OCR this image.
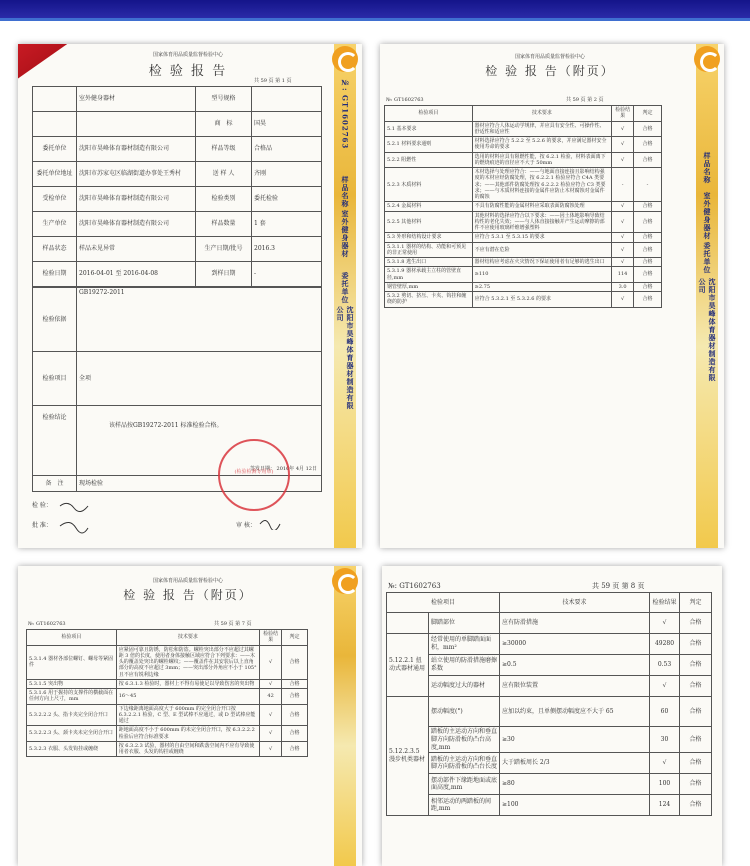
№: GT1602763
样品名称
室外健身器材
委托单位
沈阳市昊峰体育器材制造有限公司
国家体育用品质量监督检验中心
检 验 报 告
共 59 页 第 1 页
	室外健身器材	型号规格	
		商　标	国昊
委托单位	沈阳市昊峰体育器材制造有限公司	样品等级	合格品
委托单位地址	沈阳市苏家屯区临湖街道办事处王秀村	送 样 人	齐刚
受检单位	沈阳市昊峰体育器材制造有限公司	检验类别	委托检验
生产单位	沈阳市昊峰体育器材制造有限公司	样品数量	1 套
样品状态	样品未见异常	生产日期/批号	2016.3
检验日期	2016-04-01 至 2016-04-08	到样日期	-
检验依据	GB19272-2011
检验项目	全项
检验结论	该样品按GB19272-2011 标准检验合格。
签发日期： 2016年 4月 12日

备　注	现场检验
(检验检测专用章)
检 验：
批 准：	审 核：
样品名称
室外健身器材
委托单位
沈阳市昊峰体育器材制造有限公司
国家体育用品质量监督检验中心
检 验 报 告（附页）
№: GT1602763	共 59 页 第 2 页
检验项目	技术要求	检验结果	判定
5.1 基本要求	器材应符合人体运动学规律，并应具有安全性、可操作性、舒适性和适应性	√	合格
5.2.1 材料要求通则	材料选择应符合 5.2.2 至 5.2.6 的要求，并应满足器材安全使用寿命的要求	√	合格
5.2.2 阻燃性	选用的材料应具有阻燃性能，按 6.2.1 检验，材料表面离下的燃烧痕迹的直径应不大于 50mm	√	合格
5.2.3 木质材料	木材选择与处理应符合：——与地面直接连接且影响结构强度的木材应经防腐处理，按 6.2.2.1 检验应符合 C4A 类要求；——其他部件防腐处理按 6.2.2.2 检验应符合 C3 类要求；——与木质材料连接的金属件应防止木材腐蚀对金属件的腐蚀	-	-
5.2.4 金属材料	不具有防腐性能的金属材料应采取表面防腐蚀处理	√	合格
5.2.5 其他材料	其他材料的选择应符合以下要求：——因土体地影响导致结构性的老化失效；——与人体直接接触并产生运动摩擦的部件不应使用玻璃纤维增强塑料	√	合格
5.3 外形和结构设计要求	应符合 5.3.1 至 5.3.15 的要求	√	合格
5.3.1.1 器材的结构、功能和可预见的非正常使用	不应有潜在危险	√	合格
5.3.1.8 逃生出口	器材结构应考虑在火灾情况下保证使用者有足够的逃生出口	√	合格
5.3.1.9 器材承载主立柱的管壁直径,mm	≥110	114	合格
钢管壁厚,mm	≥2.75	3.0	合格
5.3.2 剪切、挤压、卡夹、钩挂和缠绕的防护	应符合 5.3.2.1 至 5.3.2.6 的要求	√	合格
国家体育用品质量监督检验中心
检 验 报 告（附页）
№: GT1602763	共 59 页 第 7 页
检验项目	技术要求	检验结果	判定
5.3.1.4 器材各部位螺钉、螺母等紧固件	应紧固可靠且防锈，防松和防盗。螺栓突出部分不应超过其螺距 3 倍的长度，使用者身体接触区域应符合下列要求：——木头的覆盖处突出的螺栓螺纹；——覆盖件在其安装后以上直角部分的高度不应超过 3mm；——突出部分外角应不小于 105°且不应有锐利边缘	√	合格
5.3.1.5 突出物	按 6.3.1.3 检验时，器材上不得有易使足以导致伤害的突出物	√	合格
5.3.1.6 用于握持的支撑件的横截面在任何方向上尺寸，mm	16～45	42	合格
5.3.2.2.2 头、指卡夹完全闭合开口	下边缘距离地面高度大于 600mm 的完全闭合开口按 6.3.2.2.1 检验，C 型、E 型试棒不应通过，或 D 型试棒应能通过	√	合格
5.3.2.2.3 头、颈卡夹未完全闭合开口	距地面高度不小于 600mm 的未完全闭合开口，按 6.3.2.2.2 检验后应符合标准要求	√	合格
5.3.2.3 衣服、头发钩挂或缠绕	按 6.3.2.3 试验，器材的自由空间和跌落空间内不应有导致使用者衣服、头发的钩挂或缠绕	√	合格
№: GT1602763	共 59 页 第 8 页
检验项目		技术要求	检验结果	判定
	脚踏部位	应有防滑措施	√	合格
5.12.2.1 扭动式器材通用	经常使用的单脚踏面面积，mm²	≥30000	49280	合格
	站立使用的防滑措施磨擦系数	≥0.5	0.53	合格
	运动幅度过大的器材	应有限位装置	√	合格
5.12.2.3.5 漫步机类器材	摆动幅度(°)	应加以约束，且单侧摆动幅度应不大于 65	60	合格
	踏板的主运动方向和垂直脚方向防滑板的凸台高度,mm	≥30	30	合格
	踏板的主运动方向和垂直脚方向防滑板的凸台长度	大于踏板周长 2/3	√	合格
	摆动部件下缘距地面或底面高度,mm	≥80	100	合格
	相邻运动的两踏板的间距,mm	≥100	124	合格
